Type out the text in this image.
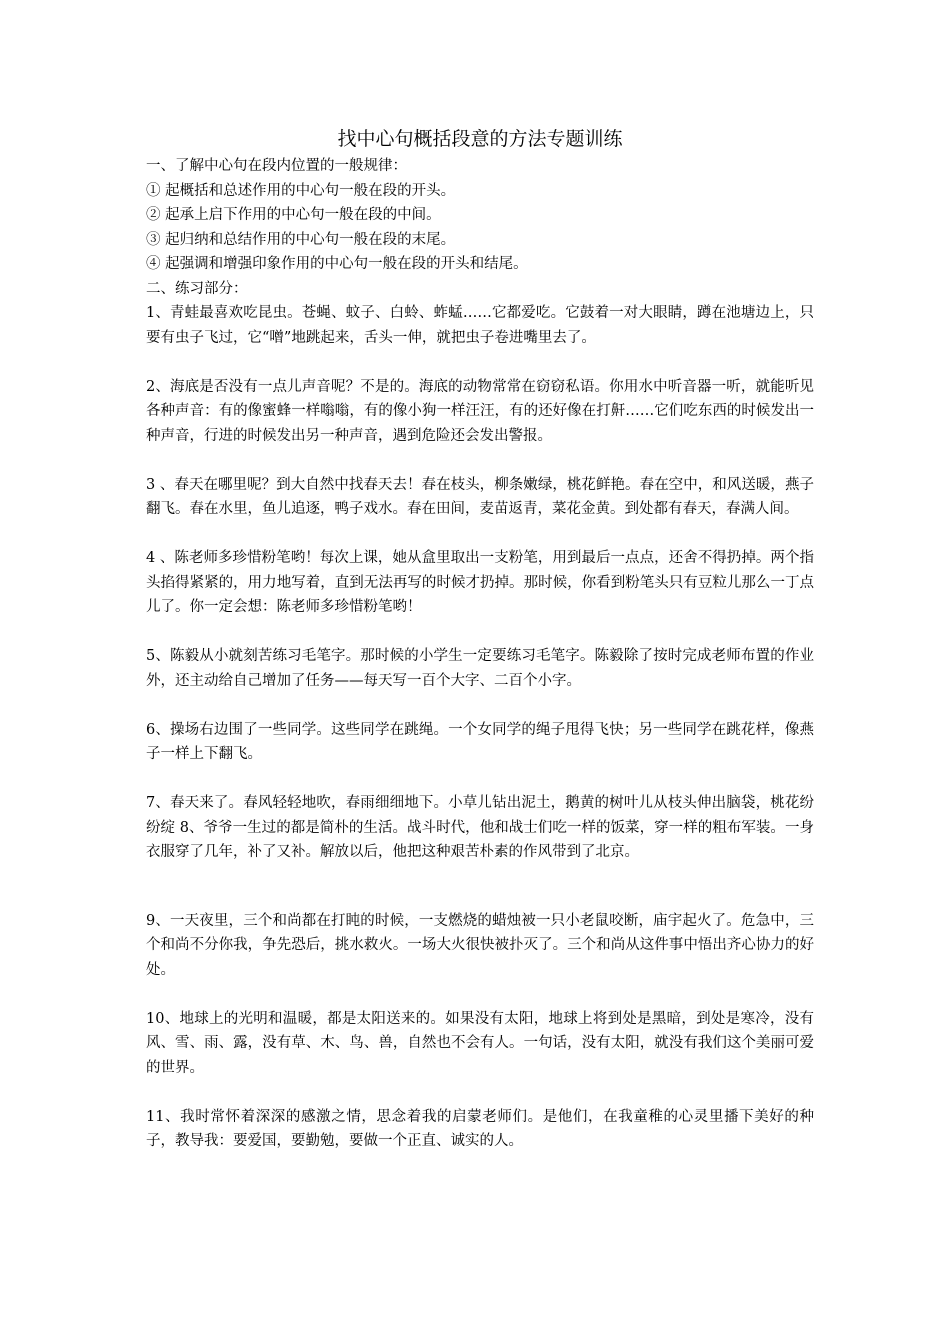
找中心句概括段意的方法专题训练

一、了解中心句在段内位置的一般规律：

① 起概括和总述作用的中心句一般在段的开头。

② 起承上启下作用的中心句一般在段的中间。

③ 起归纳和总结作用的中心句一般在段的末尾。

④ 起强调和增强印象作用的中心句一般在段的开头和结尾。

二、练习部分：

1、青蛙最喜欢吃昆虫。苍蝇、蚊子、白蛉、蚱蜢……它都爱吃。它鼓着一对大眼睛，蹲在池塘边上，只要有虫子飞过，它“噌”地跳起来，舌头一伸，就把虫子卷进嘴里去了。

2、海底是否没有一点儿声音呢？不是的。海底的动物常常在窃窃私语。你用水中听音器一听，就能听见各种声音：有的像蜜蜂一样嗡嗡，有的像小狗一样汪汪，有的还好像在打鼾……它们吃东西的时候发出一种声音，行进的时候发出另一种声音，遇到危险还会发出警报。

3 、春天在哪里呢？到大自然中找春天去！春在枝头，柳条嫩绿，桃花鲜艳。春在空中，和风送暖，燕子翻飞。春在水里，鱼儿追逐，鸭子戏水。春在田间，麦苗返青，菜花金黄。到处都有春天，春满人间。

4 、陈老师多珍惜粉笔哟！每次上课，她从盒里取出一支粉笔，用到最后一点点，还舍不得扔掉。两个指头掐得紧紧的，用力地写着，直到无法再写的时候才扔掉。那时候，你看到粉笔头只有豆粒儿那么一丁点儿了。你一定会想：陈老师多珍惜粉笔哟！

5、陈毅从小就刻苦练习毛笔字。那时候的小学生一定要练习毛笔字。陈毅除了按时完成老师布置的作业外，还主动给自己增加了任务——每天写一百个大字、二百个小字。

6、操场右边围了一些同学。这些同学在跳绳。一个女同学的绳子甩得飞快；另一些同学在跳花样，像燕子一样上下翻飞。

7、春天来了。春风轻轻地吹，春雨细细地下。小草儿钻出泥土，鹅黄的树叶儿从枝头伸出脑袋，桃花纷纷绽 8、爷爷一生过的都是简朴的生活。战斗时代，他和战士们吃一样的饭菜，穿一样的粗布军装。一身衣服穿了几年，补了又补。解放以后，他把这种艰苦朴素的作风带到了北京。

9、一天夜里，三个和尚都在打盹的时候，一支燃烧的蜡烛被一只小老鼠咬断，庙宇起火了。危急中，三个和尚不分你我，争先恐后，挑水救火。一场大火很快被扑灭了。三个和尚从这件事中悟出齐心协力的好处。

10、地球上的光明和温暖，都是太阳送来的。如果没有太阳，地球上将到处是黑暗，到处是寒冷，没有风、雪、雨、露，没有草、木、鸟、兽，自然也不会有人。一句话，没有太阳，就没有我们这个美丽可爱的世界。

11、我时常怀着深深的感激之情，思念着我的启蒙老师们。是他们，在我童稚的心灵里播下美好的种子，教导我：要爱国，要勤勉，要做一个正直、诚实的人。
